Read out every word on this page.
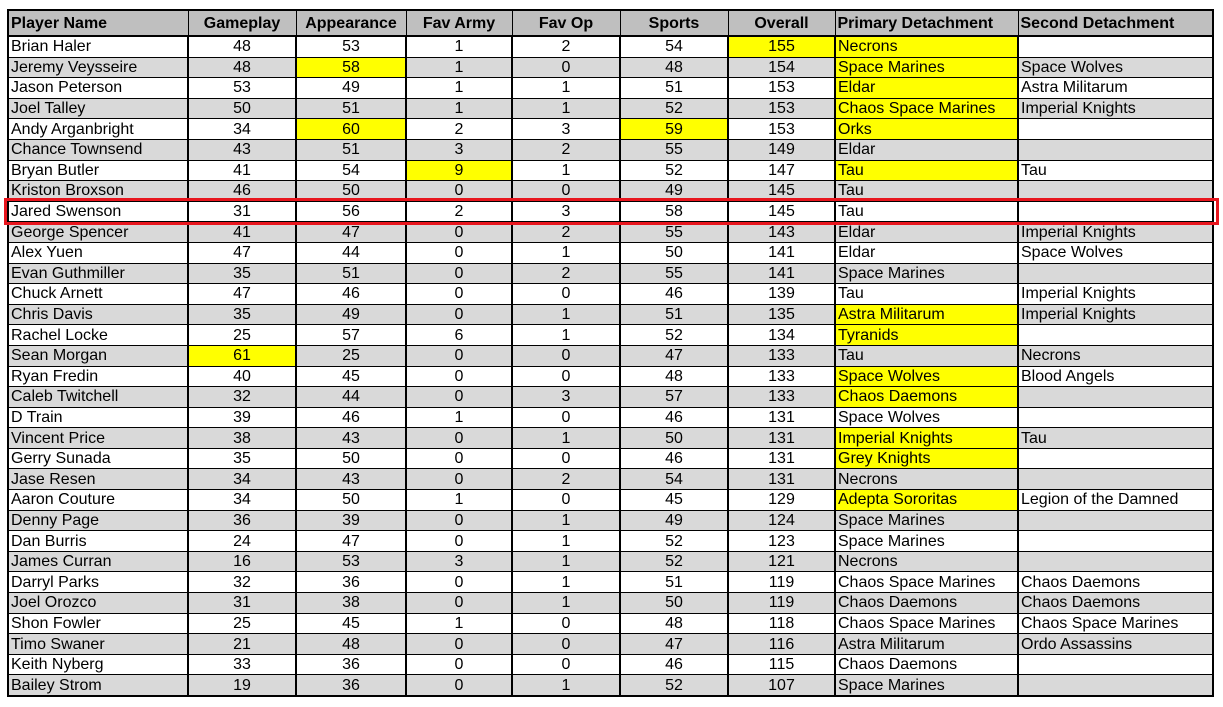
Player Name	Gameplay	Appearance	Fav Army	Fav Op	Sports	Overall	Primary Detachment	Second Detachment
Brian Haler	48	53	1	2	54	155	Necrons	
Jeremy Veysseire	48	58	1	0	48	154	Space Marines	Space Wolves
Jason Peterson	53	49	1	1	51	153	Eldar	Astra Militarum
Joel Talley	50	51	1	1	52	153	Chaos Space Marines	Imperial Knights
Andy Arganbright	34	60	2	3	59	153	Orks	
Chance Townsend	43	51	3	2	55	149	Eldar	
Bryan Butler	41	54	9	1	52	147	Tau	Tau
Kriston Broxson	46	50	0	0	49	145	Tau	
Jared Swenson	31	56	2	3	58	145	Tau	
George Spencer	41	47	0	2	55	143	Eldar	Imperial Knights
Alex Yuen	47	44	0	1	50	141	Eldar	Space Wolves
Evan Guthmiller	35	51	0	2	55	141	Space Marines	
Chuck Arnett	47	46	0	0	46	139	Tau	Imperial Knights
Chris Davis	35	49	0	1	51	135	Astra Militarum	Imperial Knights
Rachel Locke	25	57	6	1	52	134	Tyranids	
Sean Morgan	61	25	0	0	47	133	Tau	Necrons
Ryan Fredin	40	45	0	0	48	133	Space Wolves	Blood Angels
Caleb Twitchell	32	44	0	3	57	133	Chaos Daemons	
D Train	39	46	1	0	46	131	Space Wolves	
Vincent Price	38	43	0	1	50	131	Imperial Knights	Tau
Gerry Sunada	35	50	0	0	46	131	Grey Knights	
Jase Resen	34	43	0	2	54	131	Necrons	
Aaron Couture	34	50	1	0	45	129	Adepta Sororitas	Legion of the Damned
Denny Page	36	39	0	1	49	124	Space Marines	
Dan Burris	24	47	0	1	52	123	Space Marines	
James Curran	16	53	3	1	52	121	Necrons	
Darryl Parks	32	36	0	1	51	119	Chaos Space Marines	Chaos Daemons
Joel Orozco	31	38	0	1	50	119	Chaos Daemons	Chaos Daemons
Shon Fowler	25	45	1	0	48	118	Chaos Space Marines	Chaos Space Marines
Timo Swaner	21	48	0	0	47	116	Astra Militarum	Ordo Assassins
Keith Nyberg	33	36	0	0	46	115	Chaos Daemons	
Bailey Strom	19	36	0	1	52	107	Space Marines	
